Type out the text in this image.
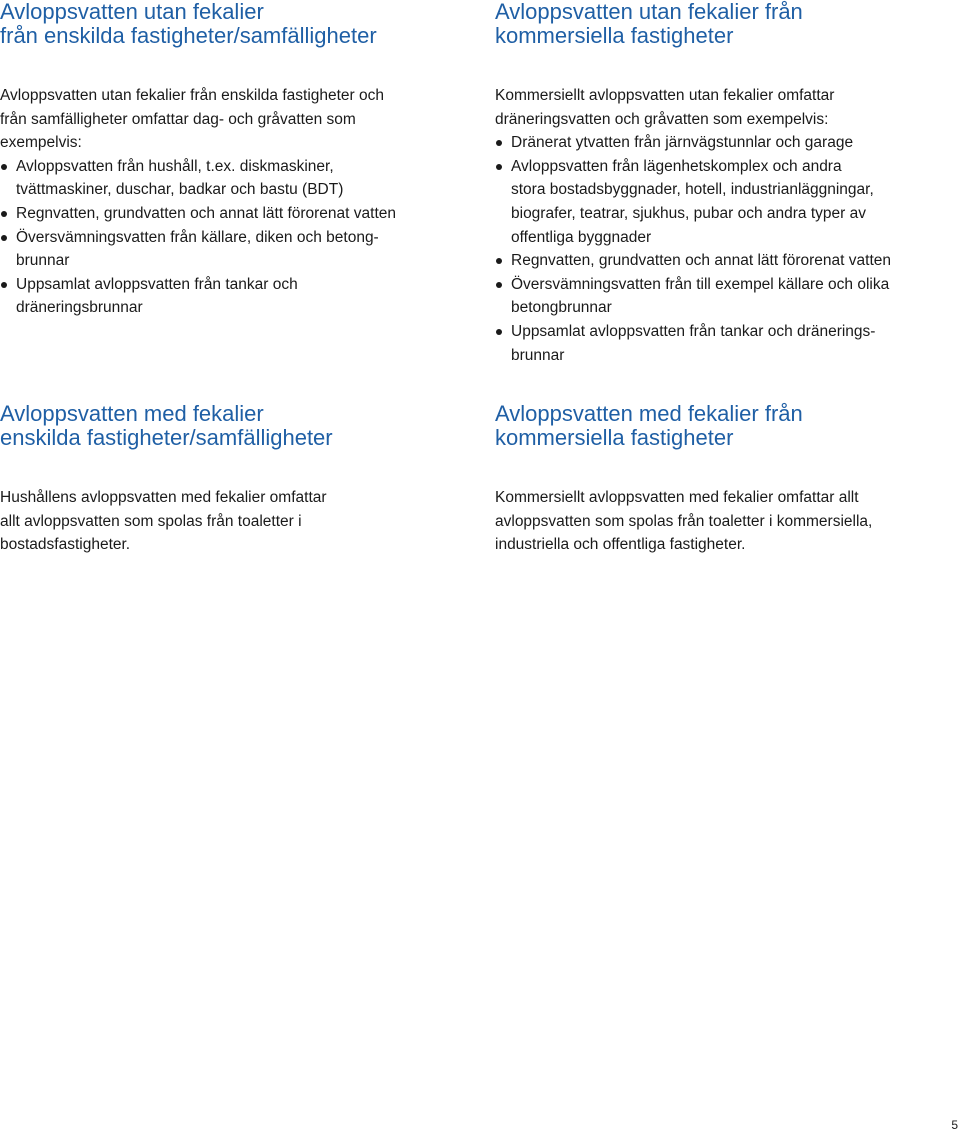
Avloppsvatten utan fekalier
från enskilda fastigheter/samfälligheter

Avloppsvatten utan fekalier från enskilda fastigheter och
från samfälligheter omfattar dag- och gråvatten som
exempelvis:

Avloppsvatten från hushåll, t.ex. diskmaskiner,
tvättmaskiner, duschar, badkar och bastu (BDT)
Regnvatten, grundvatten och annat lätt förorenat vatten
Översvämningsvatten från källare, diken och betong-
brunnar
Uppsamlat avloppsvatten från tankar och
dräneringsbrunnar
Avloppsvatten utan fekalier från
kommersiella fastigheter

Kommersiellt avloppsvatten utan fekalier omfattar
dräneringsvatten och gråvatten som exempelvis:

Dränerat ytvatten från järnvägstunnlar och garage
Avloppsvatten från lägenhetskomplex och andra
stora bostadsbyggnader, hotell, industrianläggningar,
biografer, teatrar, sjukhus, pubar och andra typer av
offentliga byggnader
Regnvatten, grundvatten och annat lätt förorenat vatten
Översvämningsvatten från till exempel källare och olika
betongbrunnar
Uppsamlat avloppsvatten från tankar och dränerings-
brunnar
Avloppsvatten med fekalier
enskilda fastigheter/samfälligheter

Hushållens avloppsvatten med fekalier omfattar
allt avloppsvatten som spolas från toaletter i
bostadsfastigheter.

Avloppsvatten med fekalier från
kommersiella fastigheter

Kommersiellt avloppsvatten med fekalier omfattar allt
avloppsvatten som spolas från toaletter i kommersiella,
industriella och offentliga fastigheter.

5
